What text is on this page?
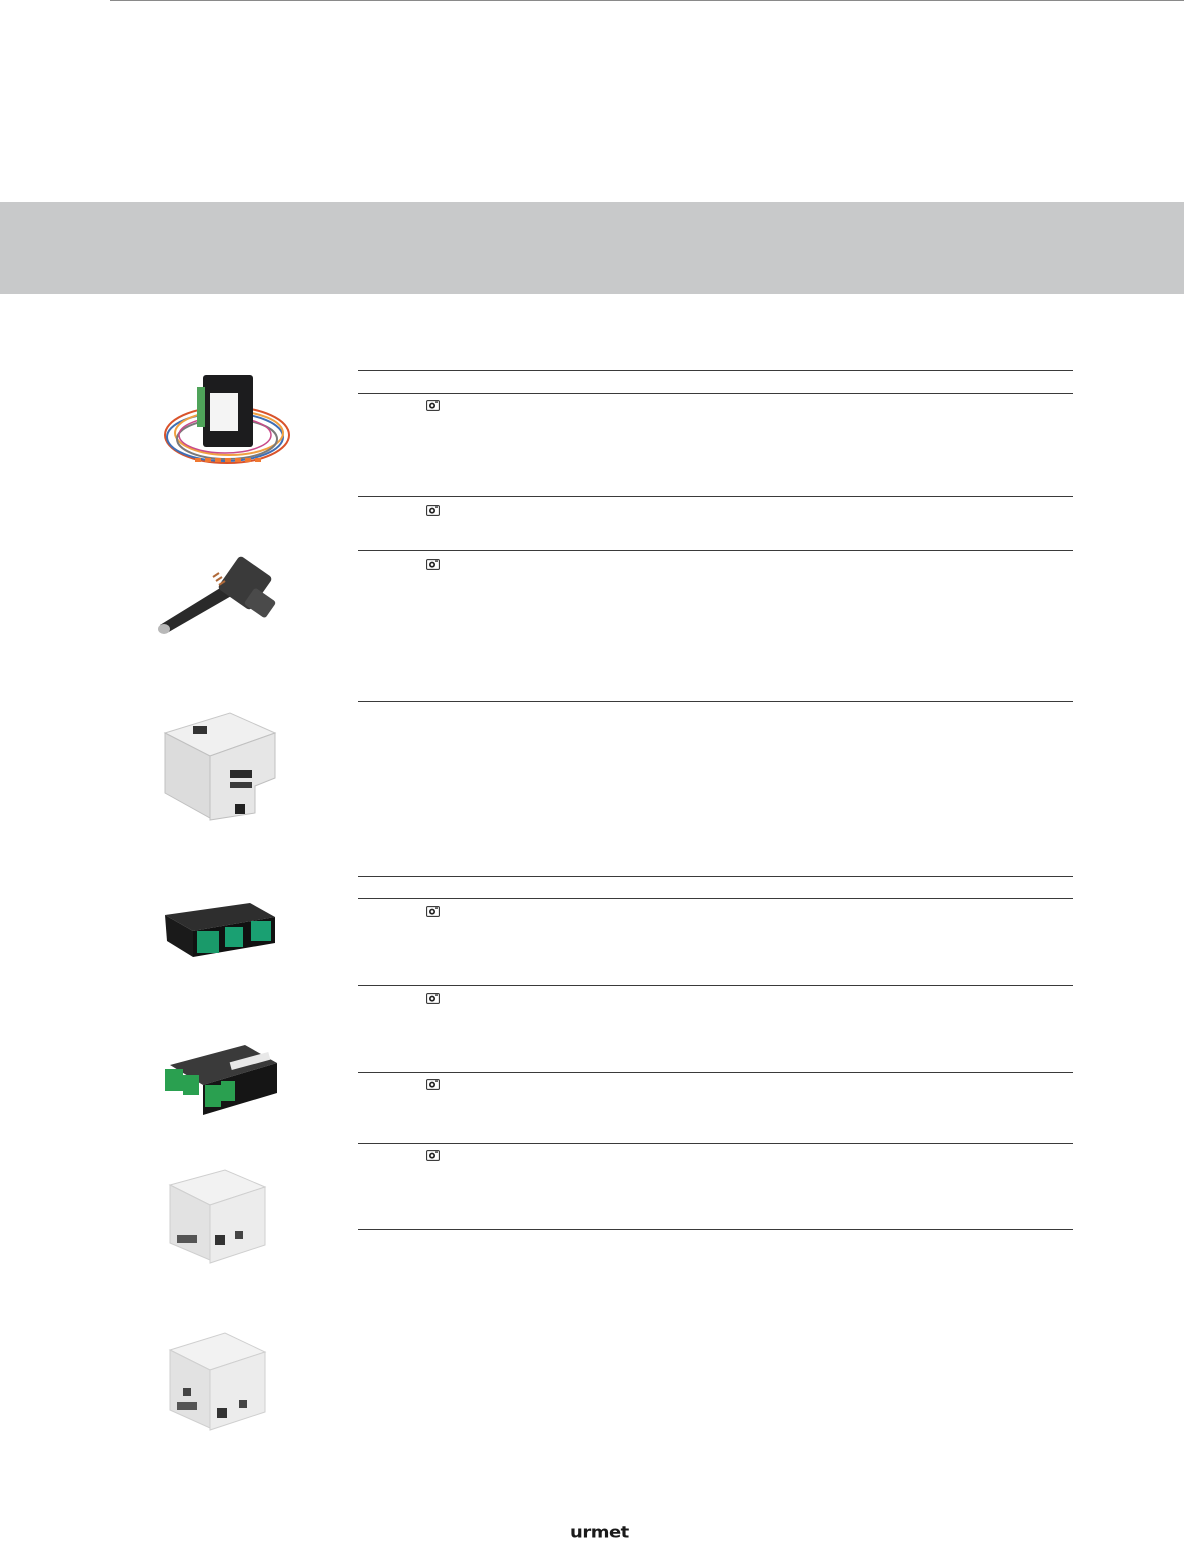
urmet
